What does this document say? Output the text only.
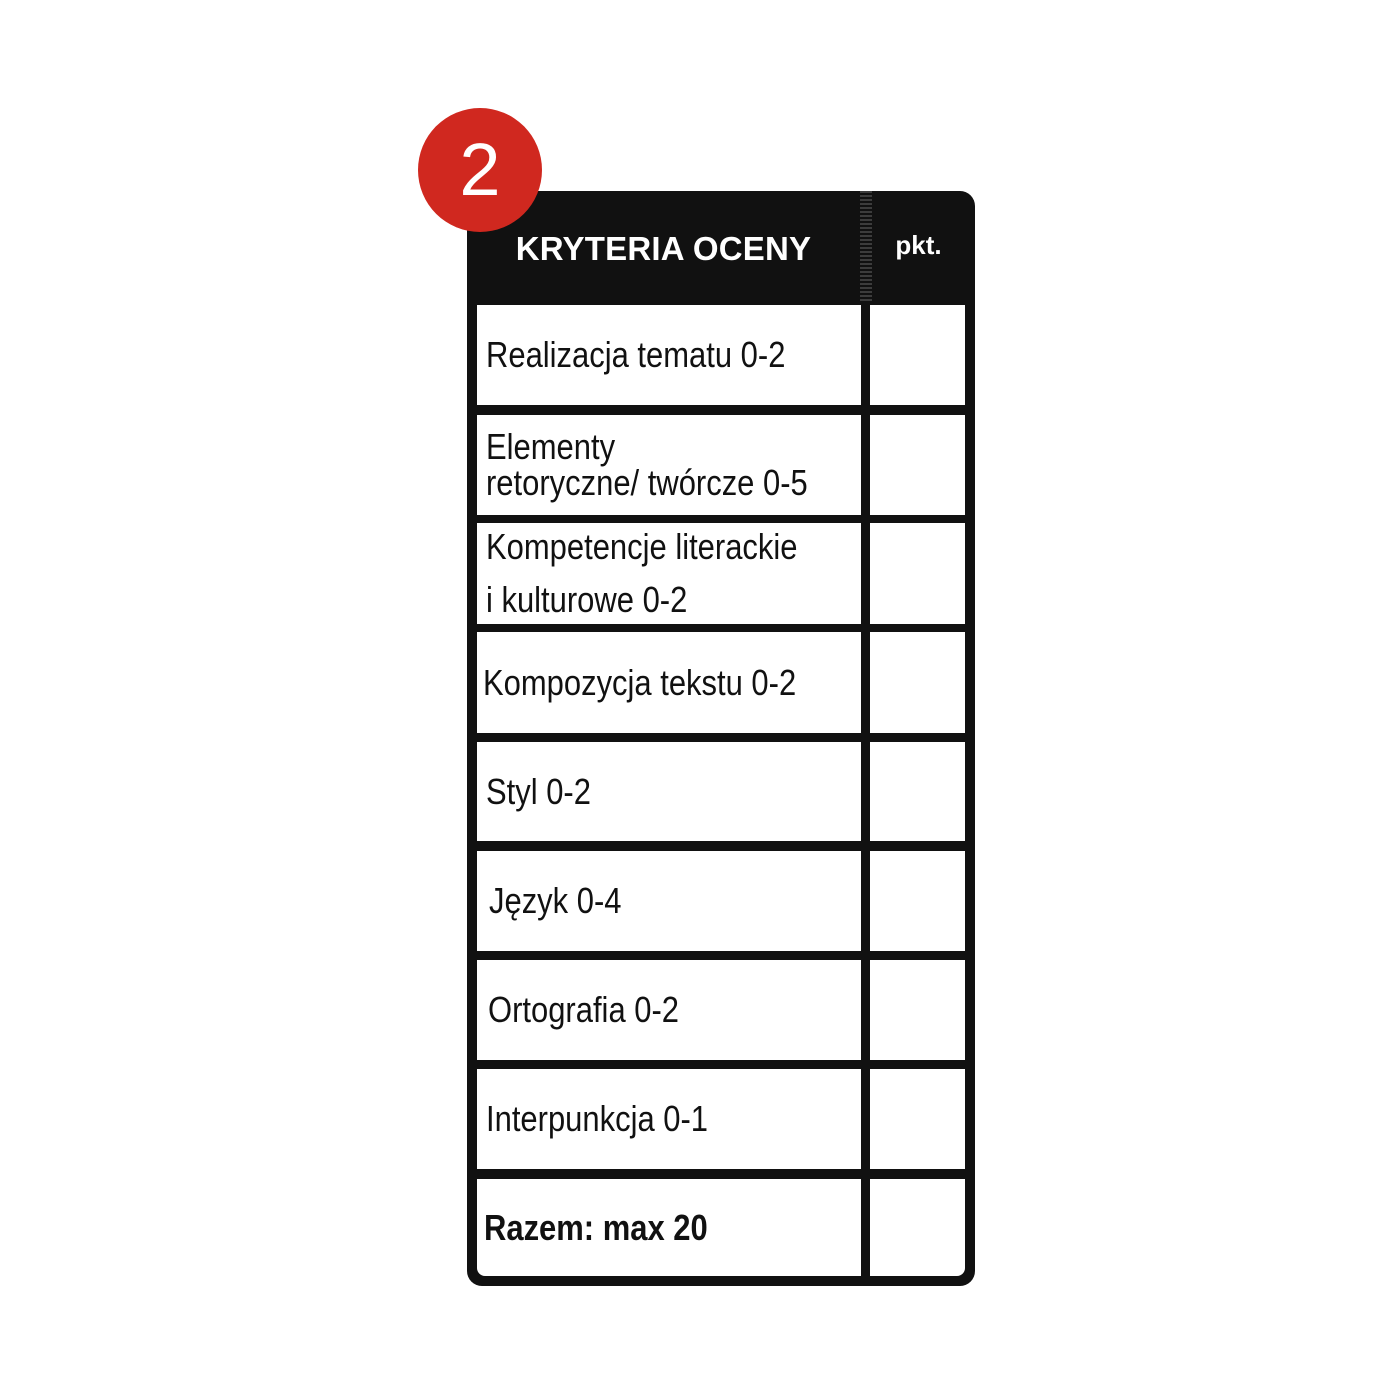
2
KRYTERIA OCENY	pkt.
Realizacja tematu 0-2
Elementy
retoryczne/ twórcze 0-5
Kompetencje literackie
i kulturowe 0-2
Kompozycja tekstu 0-2
Styl 0-2
Język 0-4
Ortografia 0-2
Interpunkcja 0-1
Razem: max 20
